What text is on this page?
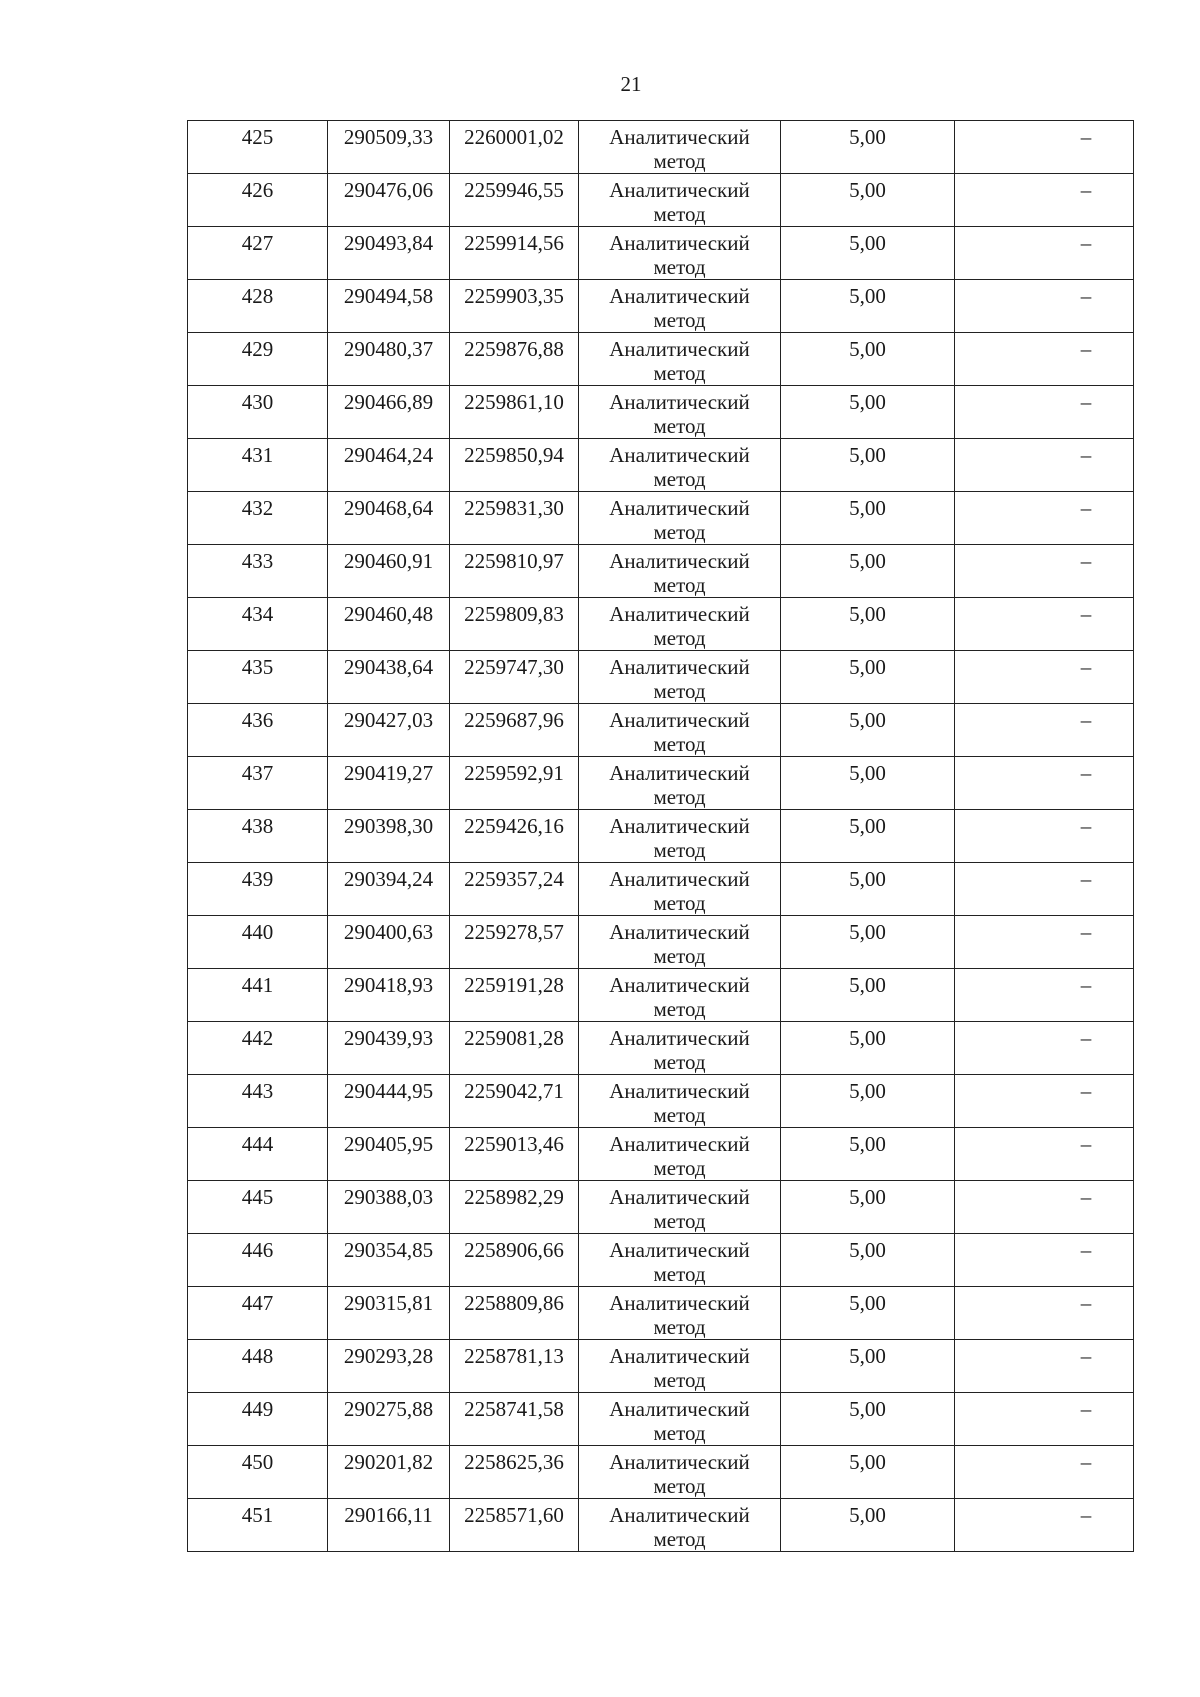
21
425	290509,33	2260001,02	Аналитический метод	5,00	–
426	290476,06	2259946,55	Аналитический метод	5,00	–
427	290493,84	2259914,56	Аналитический метод	5,00	–
428	290494,58	2259903,35	Аналитический метод	5,00	–
429	290480,37	2259876,88	Аналитический метод	5,00	–
430	290466,89	2259861,10	Аналитический метод	5,00	–
431	290464,24	2259850,94	Аналитический метод	5,00	–
432	290468,64	2259831,30	Аналитический метод	5,00	–
433	290460,91	2259810,97	Аналитический метод	5,00	–
434	290460,48	2259809,83	Аналитический метод	5,00	–
435	290438,64	2259747,30	Аналитический метод	5,00	–
436	290427,03	2259687,96	Аналитический метод	5,00	–
437	290419,27	2259592,91	Аналитический метод	5,00	–
438	290398,30	2259426,16	Аналитический метод	5,00	–
439	290394,24	2259357,24	Аналитический метод	5,00	–
440	290400,63	2259278,57	Аналитический метод	5,00	–
441	290418,93	2259191,28	Аналитический метод	5,00	–
442	290439,93	2259081,28	Аналитический метод	5,00	–
443	290444,95	2259042,71	Аналитический метод	5,00	–
444	290405,95	2259013,46	Аналитический метод	5,00	–
445	290388,03	2258982,29	Аналитический метод	5,00	–
446	290354,85	2258906,66	Аналитический метод	5,00	–
447	290315,81	2258809,86	Аналитический метод	5,00	–
448	290293,28	2258781,13	Аналитический метод	5,00	–
449	290275,88	2258741,58	Аналитический метод	5,00	–
450	290201,82	2258625,36	Аналитический метод	5,00	–
451	290166,11	2258571,60	Аналитический метод	5,00	–
